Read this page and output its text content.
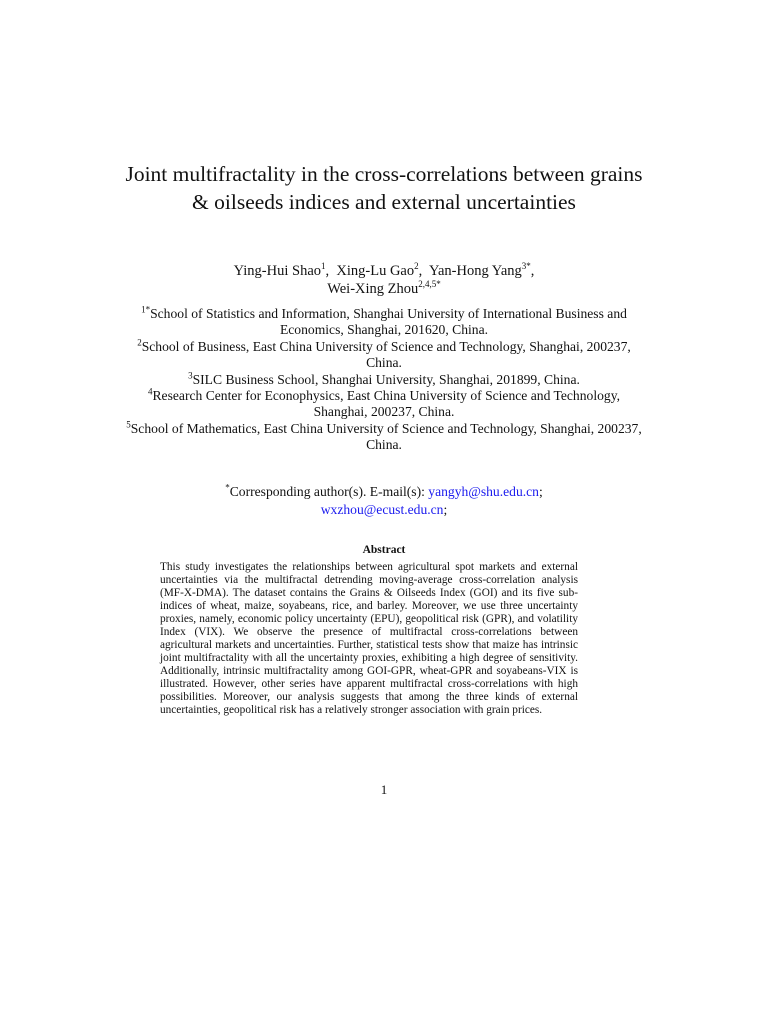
Joint multifractality in the cross-correlations between grains & oilseeds indices and external uncertainties
Ying-Hui Shao$^1$,  Xing-Lu Gao$^2$,  Yan-Hong Yang$^{3*}$,
Wei-Xing Zhou$^{2,4,5*}$
$^{1*}$School of Statistics and Information, Shanghai University of International Business and Economics, Shanghai, 201620, China.
$^2$School of Business, East China University of Science and Technology, Shanghai, 200237, China.
$^3$SILC Business School, Shanghai University, Shanghai, 201899, China.
$^4$Research Center for Econophysics, East China University of Science and Technology, Shanghai, 200237, China.
$^5$School of Mathematics, East China University of Science and Technology, Shanghai, 200237, China.
*Corresponding author(s). E-mail(s): yangyh@shu.edu.cn;
wxzhou@ecust.edu.cn;
Abstract

This study investigates the relationships between agricultural spot markets and external uncertainties via the multifractal detrending moving-average cross-correlation analysis (MF-X-DMA). The dataset contains the Grains & Oilseeds Index (GOI) and its five sub-indices of wheat, maize, soyabeans, rice, and barley. Moreover, we use three uncertainty proxies, namely, economic policy uncertainty (EPU), geopolitical risk (GPR), and volatility Index (VIX). We observe the presence of multifractal cross-correlations between agricultural markets and uncertainties. Further, statistical tests show that maize has intrinsic joint multifractality with all the uncertainty proxies, exhibiting a high degree of sensitivity. Additionally, intrinsic multifractality among GOI-GPR, wheat-GPR and soyabeans-VIX is illustrated. However, other series have apparent multifractal cross-correlations with high possibilities. Moreover, our analysis suggests that among the three kinds of external uncertainties, geopolitical risk has a relatively stronger association with grain prices.

1
